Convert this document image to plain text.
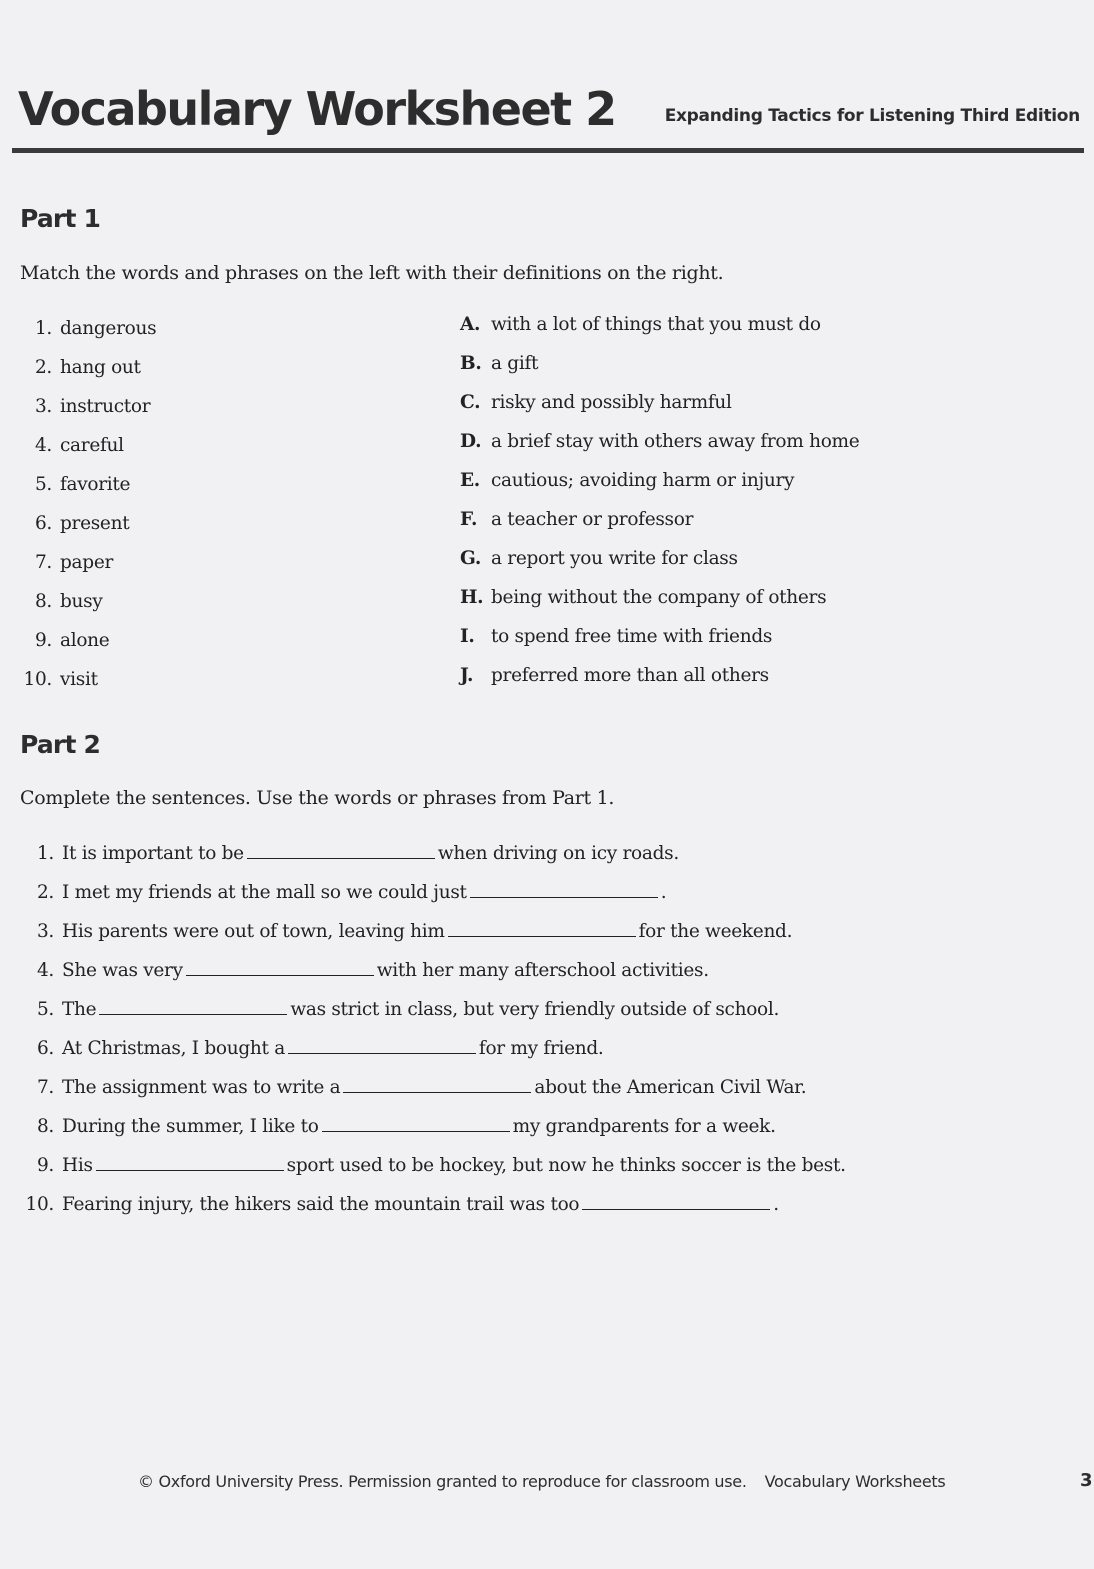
Vocabulary Worksheet 2	Expanding Tactics for Listening Third Edition
Part 1
Match the words and phrases on the left with their definitions on the right.
1. dangerous
2. hang out
3. instructor
4. careful
5. favorite
6. present
7. paper
8. busy
9. alone
10. visit
A. with a lot of things that you must do
B. a gift
C. risky and possibly harmful
D. a brief stay with others away from home
E. cautious; avoiding harm or injury
F. a teacher or professor
G. a report you write for class
H. being without the company of others
I. to spend free time with friends
J. preferred more than all others
Part 2
Complete the sentences. Use the words or phrases from Part 1.
1. It is important to be	when driving on icy roads.
2. I met my friends at the mall so we could just	.
3. His parents were out of town, leaving him	for the weekend.
4. She was very	with her many afterschool activities.
5. The	was strict in class, but very friendly outside of school.
6. At Christmas, I bought a	for my friend.
7. The assignment was to write a	about the American Civil War.
8. During the summer, I like to	my grandparents for a week.
9. His	sport used to be hockey, but now he thinks soccer is the best.
10. Fearing injury, the hikers said the mountain trail was too	.
© Oxford University Press. Permission granted to reproduce for classroom use. Vocabulary Worksheets	3
